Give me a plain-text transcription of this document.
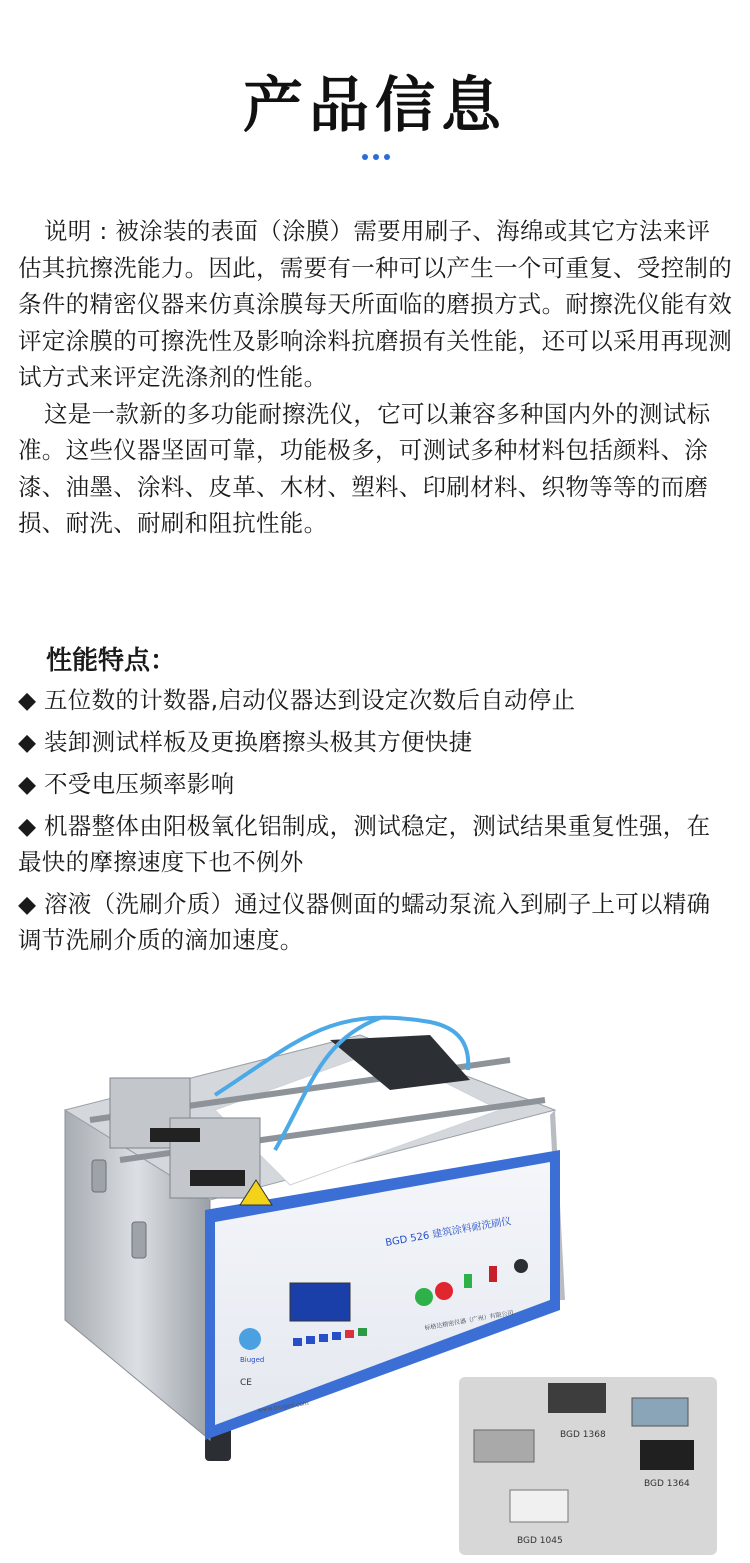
产品信息

说明 : 被涂装的表面（涂膜）需要用刷子、海绵或其它方法来评估其抗擦洗能力。因此，需要有一种可以产生一个可重复、受控制的条件的精密仪器来仿真涂膜每天所面临的磨损方式。耐擦洗仪能有效评定涂膜的可擦洗性及影响涂料抗磨损有关性能，还可以采用再现测试方式来评定洗涤剂的性能。

这是一款新的多功能耐擦洗仪，它可以兼容多种国内外的测试标准。这些仪器坚固可靠，功能极多，可测试多种材料包括颜料、涂漆、油墨、涂料、皮革、木材、塑料、印刷材料、织物等等的而磨损、耐洗、耐刷和阻抗性能。

性能特点：

◆ 五位数的计数器,启动仪器达到设定次数后自动停止

◆ 装卸测试样板及更换磨擦头极其方便快捷

◆ 不受电压频率影响

◆ 机器整体由阳极氧化铝制成，测试稳定，测试结果重复性强，在最快的摩擦速度下也不例外

◆ 溶液（洗刷介质）通过仪器侧面的蠕动泵流入到刷子上可以精确调节洗刷介质的滴加速度。

BGD 526 建筑涂料耐洗刷仪
标格达精密仪器（广州）有限公司
Biuged
CE
www.biuged.com
BGD 1368
BGD 1364
BGD 1045
